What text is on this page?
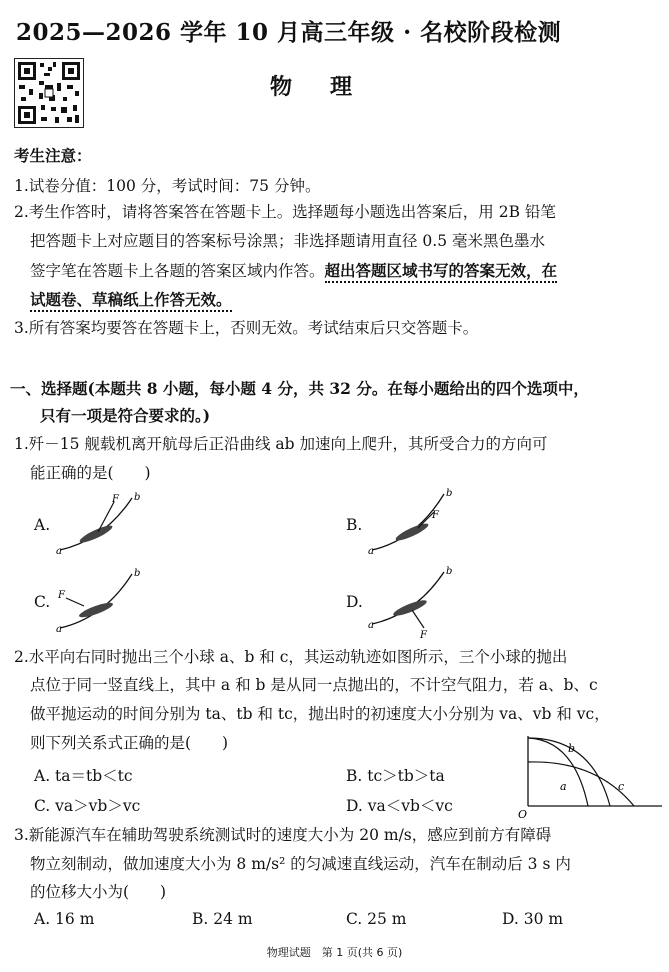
2025—2026 学年 10 月高三年级 · 名校阶段检测
物理
考生注意：
1.试卷分值：100 分，考试时间：75 分钟。
2.考生作答时，请将答案答在答题卡上。选择题每小题选出答案后，用 2B 铅笔
把答题卡上对应题目的答案标号涂黑；非选择题请用直径 0.5 毫米黑色墨水
签字笔在答题卡上各题的答案区域内作答。超出答题区域书写的答案无效，在
试题卷、草稿纸上作答无效。
3.所有答案均要答在答题卡上，否则无效。考试结束后只交答题卡。
一、选择题(本题共 8 小题，每小题 4 分，共 32 分。在每小题给出的四个选项中，
只有一项是符合要求的。)
1.歼－15 舰载机离开航母后正沿曲线 ab 加速向上爬升，其所受合力的方向可
能正确的是(　　)
A.
F b
a
B.
F
b
a
C. F
b
a
D.
F
b
a
2.水平向右同时抛出三个小球 a、b 和 c，其运动轨迹如图所示，三个小球的抛出
点位于同一竖直线上，其中 a 和 b 是从同一点抛出的，不计空气阻力，若 a、b、c
做平抛运动的时间分别为 ta、tb 和 tc，抛出时的初速度大小分别为 va、vb 和 vc，
则下列关系式正确的是(　　)
A. ta＝tb＜tc	B. tc＞tb＞ta
C. va＞vb＞vc	D. va＜vb＜vc
b
a	c
O
3.新能源汽车在辅助驾驶系统测试时的速度大小为 20 m/s，感应到前方有障碍
物立刻制动，做加速度大小为 8 m/s² 的匀减速直线运动，汽车在制动后 3 s 内
的位移大小为(　　)
A. 16 m	B. 24 m	C. 25 m	D. 30 m
物理试题　第 1 页(共 6 页)
